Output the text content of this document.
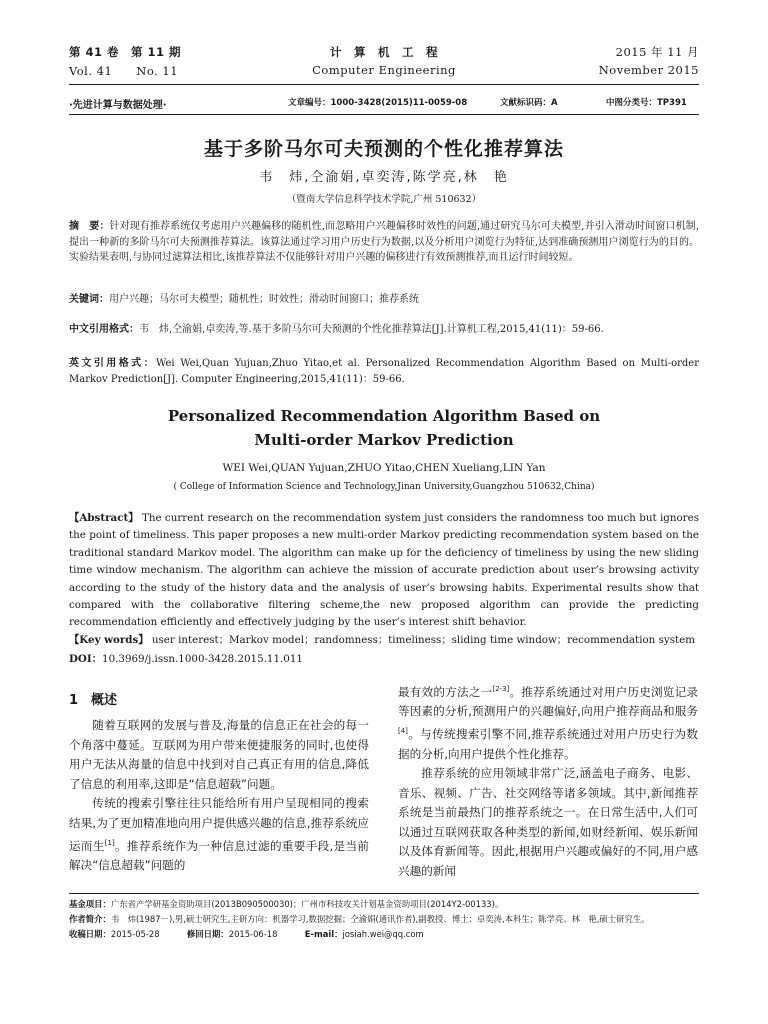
第 41 卷　第 11 期
Vol. 41　　No. 11
计　算　机　工　程
Computer Engineering
2015 年 11 月
November 2015
·先进计算与数据处理·	文章编号：1000-3428(2015)11-0059-08	文献标识码：A	中图分类号：TP391
基于多阶马尔可夫预测的个性化推荐算法
韦　炜,仝渝娟,卓奕涛,陈学亮,林　艳
（暨南大学信息科学技术学院,广州 510632）
摘　要：针对现有推荐系统仅考虑用户兴趣偏移的随机性,而忽略用户兴趣偏移时效性的问题,通过研究马尔可夫模型,并引入滑动时间窗口机制,提出一种新的多阶马尔可夫预测推荐算法。该算法通过学习用户历史行为数据,以及分析用户浏览行为特征,达到准确预测用户浏览行为的目的。实验结果表明,与协同过滤算法相比,该推荐算法不仅能够针对用户兴趣的偏移进行有效预测推荐,而且运行时间较短。
关键词：用户兴趣；马尔可夫模型；随机性；时效性；滑动时间窗口；推荐系统
中文引用格式：韦　炜,仝渝娟,卓奕涛,等.基于多阶马尔可夫预测的个性化推荐算法[J].计算机工程,2015,41(11)：59-66.
英文引用格式：Wei Wei,Quan Yujuan,Zhuo Yitao,et al. Personalized Recommendation Algorithm Based on Multi-order Markov Prediction[J]. Computer Engineering,2015,41(11)：59-66.
Personalized Recommendation Algorithm Based on
Multi-order Markov Prediction
WEI Wei,QUAN Yujuan,ZHUO Yitao,CHEN Xueliang,LIN Yan
( College of Information Science and Technology,Jinan University,Guangzhou 510632,China)
【Abstract】 The current research on the recommendation system just considers the randomness too much but ignores the point of timeliness. This paper proposes a new multi-order Markov predicting recommendation system based on the traditional standard Markov model. The algorithm can make up for the deficiency of timeliness by using the new sliding time window mechanism. The algorithm can achieve the mission of accurate prediction about user’s browsing activity according to the study of the history data and the analysis of user’s browsing habits. Experimental results show that compared with the collaborative filtering scheme,the new proposed algorithm can provide the predicting recommendation efficiently and effectively judging by the user’s interest shift behavior.
【Key words】 user interest；Markov model；randomness；timeliness；sliding time window；recommendation system
DOI：10.3969/j.issn.1000-3428.2015.11.011
1　概述

随着互联网的发展与普及,海量的信息正在社会的每一个角落中蔓延。互联网为用户带来便捷服务的同时,也使得用户无法从海量的信息中找到对自己真正有用的信息,降低了信息的利用率,这即是“信息超载”问题。

传统的搜索引擎往往只能给所有用户呈现相同的搜索结果,为了更加精准地向用户提供感兴趣的信息,推荐系统应运而生[1]。推荐系统作为一种信息过滤的重要手段,是当前解决“信息超载”问题的

最有效的方法之一[2-3]。推荐系统通过对用户历史浏览记录等因素的分析,预测用户的兴趣偏好,向用户推荐商品和服务[4]。与传统搜索引擎不同,推荐系统通过对用户历史行为数据的分析,向用户提供个性化推荐。

推荐系统的应用领域非常广泛,涵盖电子商务、电影、音乐、视频、广告、社交网络等诸多领域。其中,新闻推荐系统是当前最热门的推荐系统之一。在日常生活中,人们可以通过互联网获取各种类型的新闻,如财经新闻、娱乐新闻以及体育新闻等。因此,根据用户兴趣或偏好的不同,用户感兴趣的新闻

基金项目：广东省产学研基金资助项目(2013B090500030)；广州市科技攻关计划基金资助项目(2014Y2-00133)。
作者简介：韦　炜(1987－),男,硕士研究生,主研方向：机器学习,数据挖掘；仝渝娟(通讯作者),副教授、博士；卓奕涛,本科生；陈学亮、林　艳,硕士研究生。
收稿日期：2015-05-28	修回日期：2015-06-18	E-mail：josiah.wei@qq.com
